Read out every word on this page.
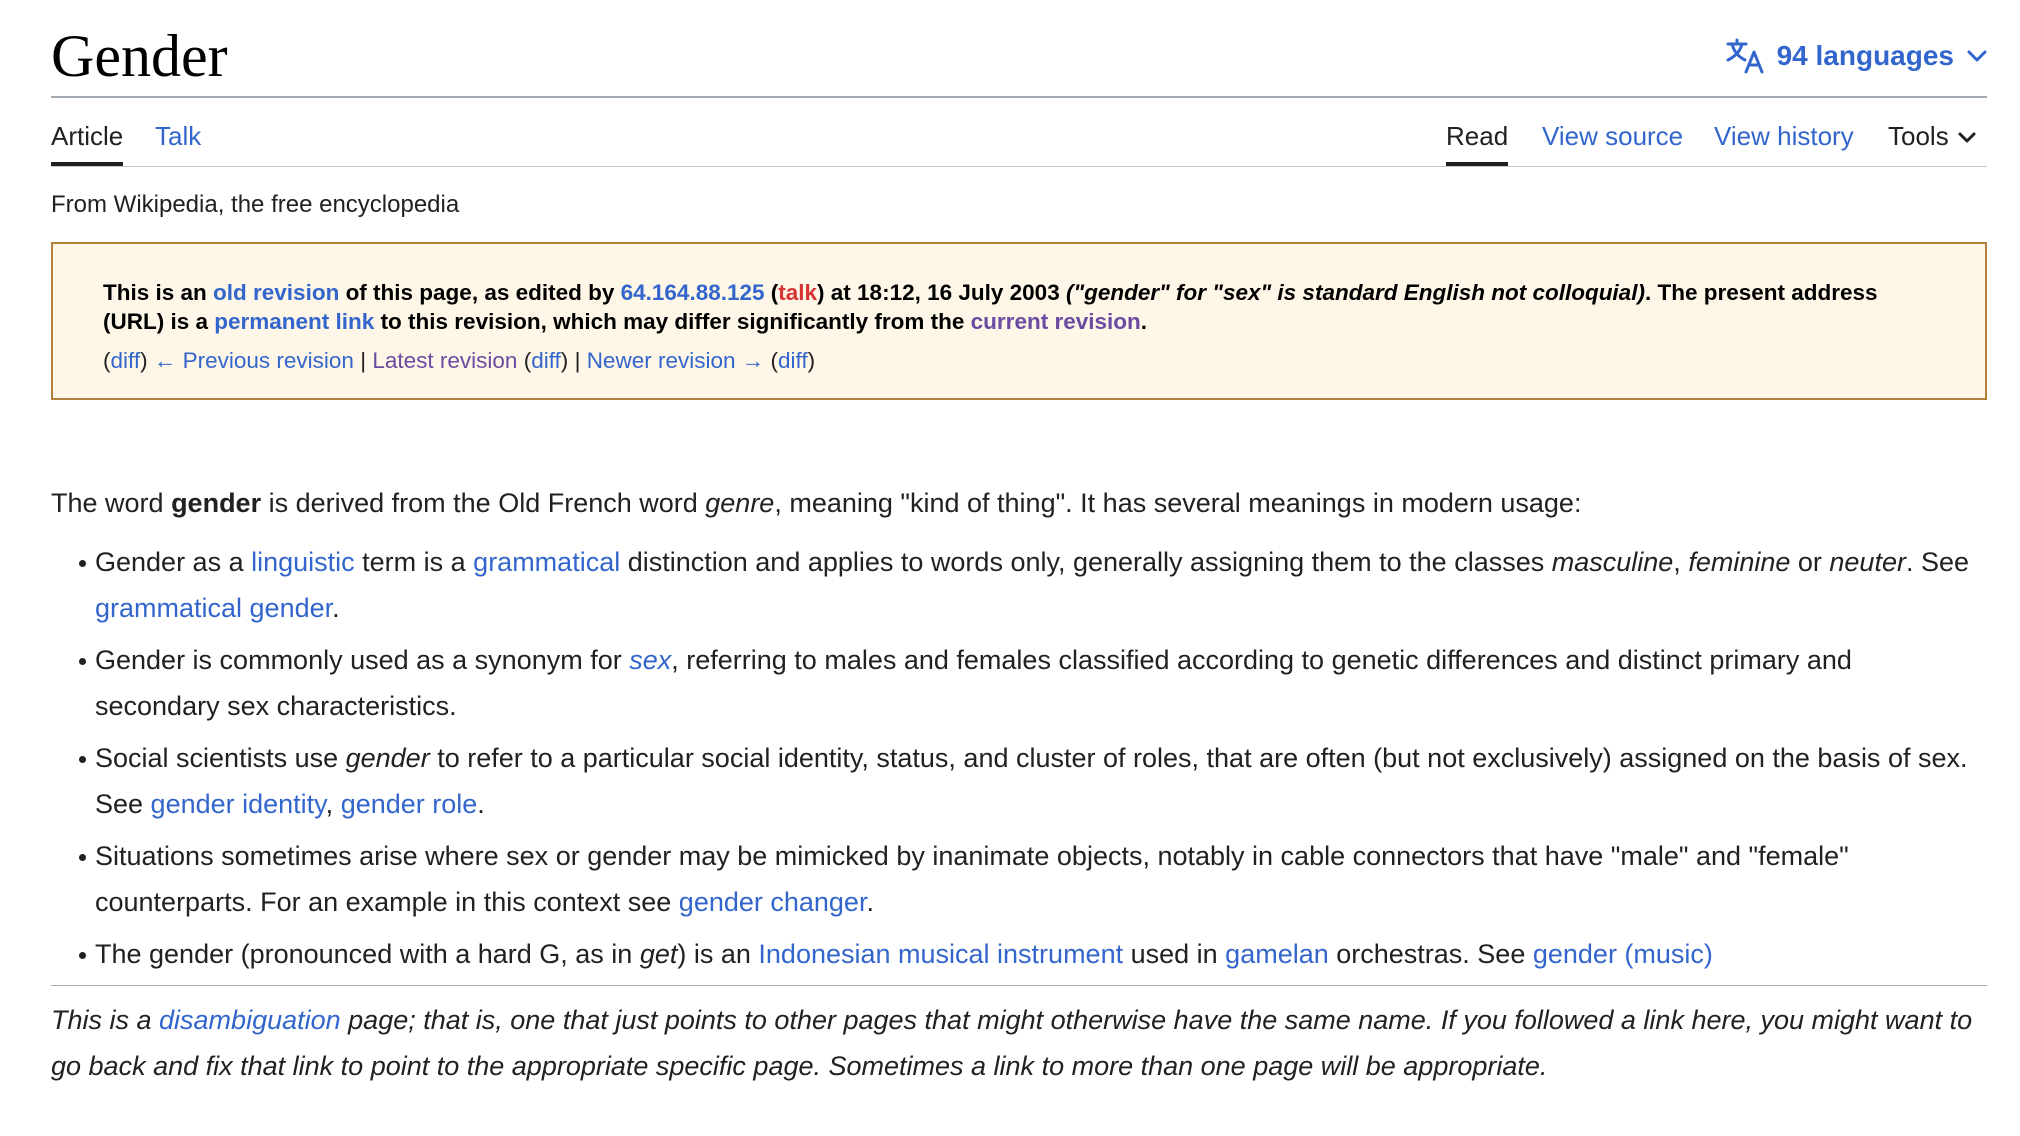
Gender	94 languages
Article Talk	Read View source View history Tools
From Wikipedia, the free encyclopedia
This is an old revision of this page, as edited by 64.164.88.125 (talk) at 18:12, 16 July 2003 ("gender" for "sex" is standard English not colloquial). The present address (URL) is a permanent link to this revision, which may differ significantly from the current revision.
(diff) ← Previous revision | Latest revision (diff) | Newer revision → (diff)

The word gender is derived from the Old French word genre, meaning "kind of thing". It has several meanings in modern usage:

Gender as a linguistic term is a grammatical distinction and applies to words only, generally assigning them to the classes masculine, feminine or neuter. See grammatical gender.
Gender is commonly used as a synonym for sex, referring to males and females classified according to genetic differences and distinct primary and secondary sex characteristics.
Social scientists use gender to refer to a particular social identity, status, and cluster of roles, that are often (but not exclusively) assigned on the basis of sex. See gender identity, gender role.
Situations sometimes arise where sex or gender may be mimicked by inanimate objects, notably in cable connectors that have "male" and "female" counterparts. For an example in this context see gender changer.
The gender (pronounced with a hard G, as in get) is an Indonesian musical instrument used in gamelan orchestras. See gender (music)

This is a disambiguation page; that is, one that just points to other pages that might otherwise have the same name. If you followed a link here, you might want to go back and fix that link to point to the appropriate specific page. Sometimes a link to more than one page will be appropriate.
